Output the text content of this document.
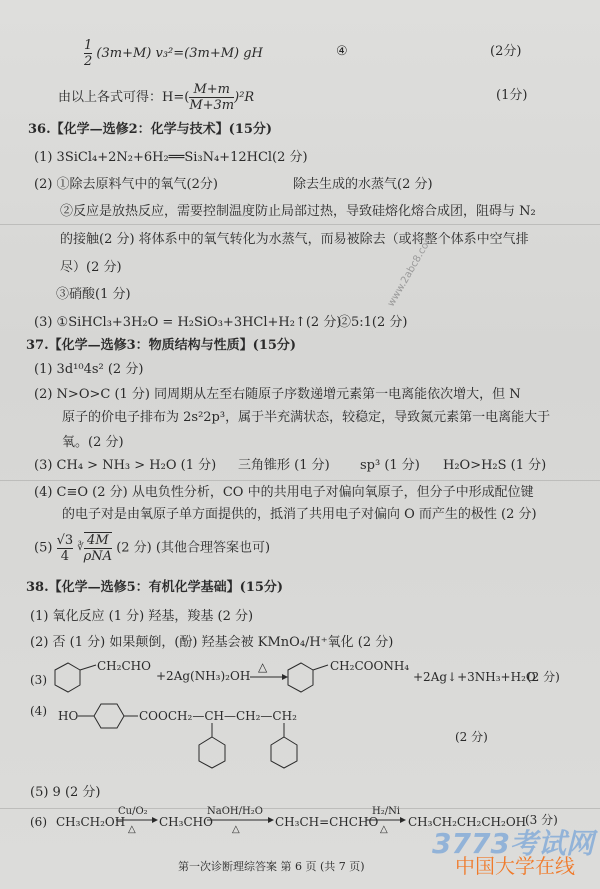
$\frac{1}{2} (3m+M)$ v₃²=(3m+M) gH	④	(2分)
由以上各式可得：$H=( \frac{M+m}{M+3m} )^2R$	(1分)
36.【化学—选修2：化学与技术】(15分)
(1) 3SiCl₄+2N₂+6H₂══Si₃N₄+12HCl(2 分)
(2) ①除去原料气中的氧气(2分)	除去生成的水蒸气(2 分)
②反应是放热反应，需要控制温度防止局部过热，导致硅熔化熔合成团，阻碍与 N₂
的接触(2 分) 将体系中的氧气转化为水蒸气，而易被除去（或将整个体系中空气排
尽）(2 分)
③硝酸(1 分)
(3) ①SiHCl₃+3H₂O = H₂SiO₃+3HCl+H₂↑(2 分)
②5:1(2 分)
www.2abc8.com
37.【化学—选修3：物质结构与性质】(15分)
(1) 3d¹⁰4s² (2 分)
(2) N>O>C (1 分) 同周期从左至右随原子序数递增元素第一电离能依次增大，但 N
原子的价电子排布为 2s²2p³，属于半充满状态，较稳定，导致氮元素第一电离能大于
氧。(2 分)
(3) CH₄ > NH₃ > H₂O (1 分) 三角锥形 (1 分) sp³ (1 分) H₂O>H₂S (1 分)
(4) C≡O (2 分) 从电负性分析，CO 中的共用电子对偏向氧原子，但分子中形成配位键
的电子对是由氧原子单方面提供的，抵消了共用电子对偏向 O 而产生的极性 (2 分)
$(5) \frac{√3}{4}$ ∛ $\frac{4M}{\text{ρNA}} (2$ 分) (其他合理答案也可)
38.【化学—选修5：有机化学基础】(15分)
(1) 氧化反应 (1 分) 羟基，羧基 (2 分)
(2) 否 (1 分) 如果颠倒，(酚) 羟基会被 KMnO₄/H⁺氧化 (2 分)
(3)
CH₂CHO
+2Ag(NH₃)₂OH
△	CH₂COONH₄
+2Ag↓+3NH₃+H₂O
(2 分)
(4) HO	COOCH₂—CH—CH₂—CH₂
(2 分)
(5) 9 (2 分)
(6) CH₃CH₂OH
Cu/O₂
△
CH₃CHO
NaOH/H₂O
△
CH₃CH=CHCHO
H₂/Ni
△
CH₃CH₂CH₂CH₂OH
(3 分)
3773考试网
第一次诊断理综答案 第 6 页 (共 7 页)	中国大学在线
